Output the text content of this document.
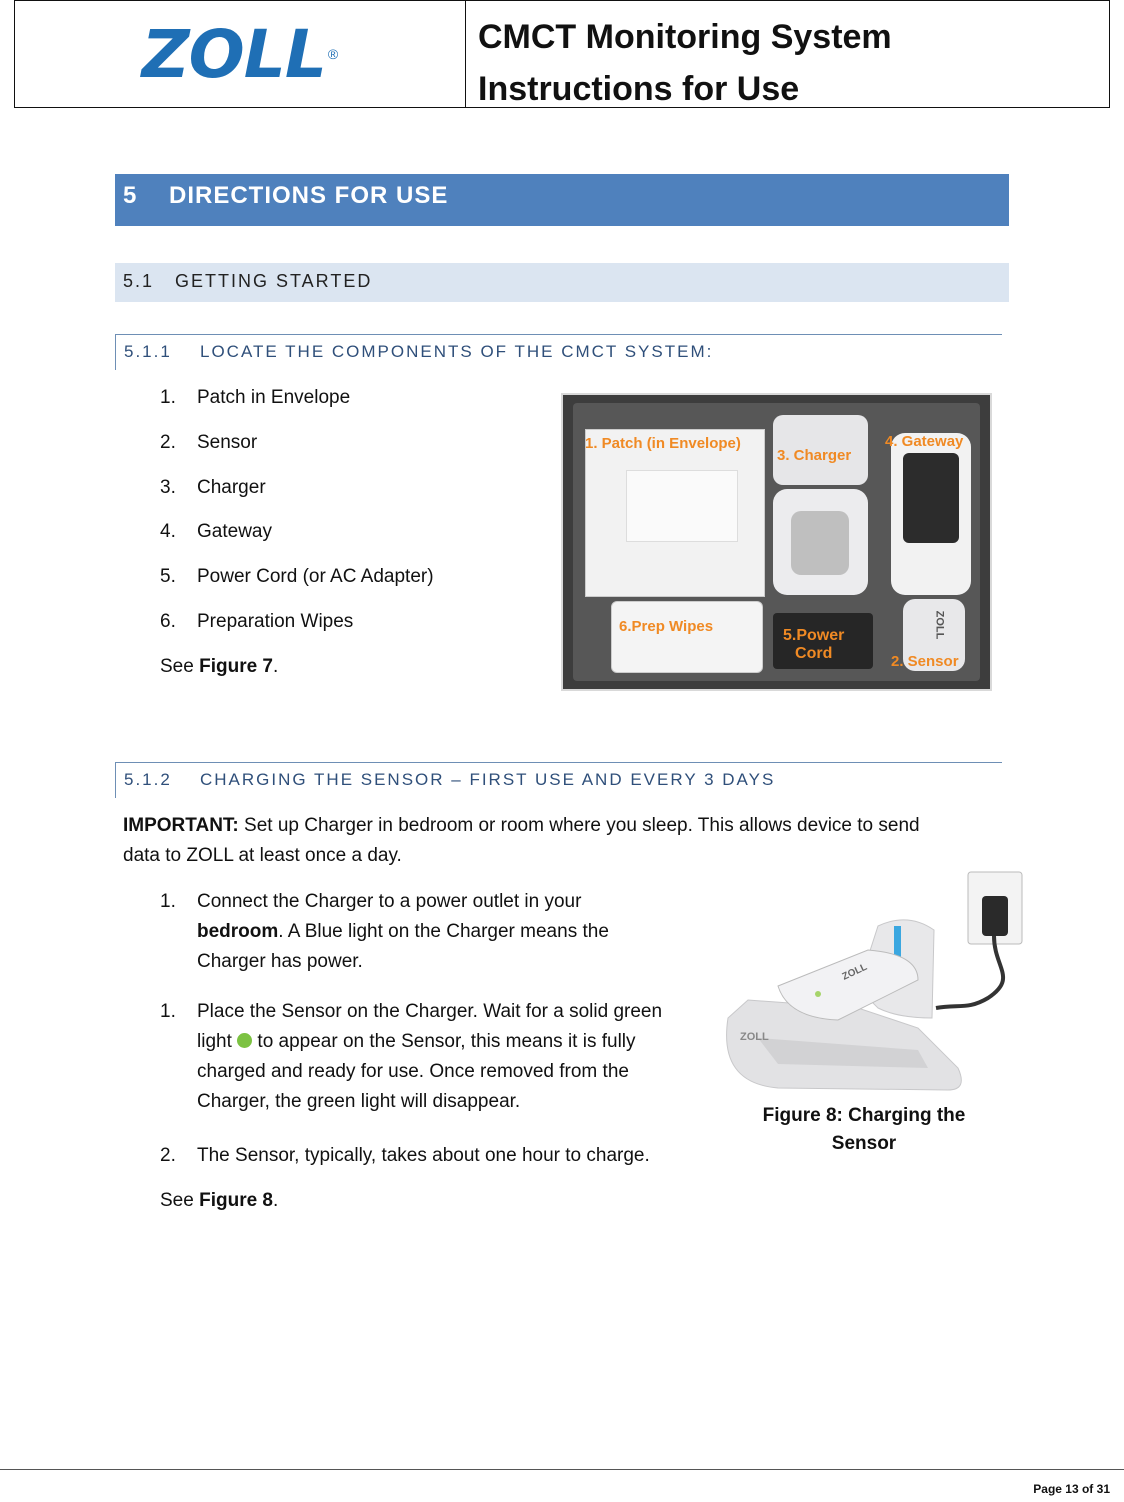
ZOLL ®	CMCT Monitoring System
Instructions for Use
5 DIRECTIONS FOR USE
5.1 GETTING STARTED
5.1.1 LOCATE THE COMPONENTS OF THE CMCT SYSTEM:
1. Patch in Envelope
2. Sensor
3. Charger
4. Gateway
5. Power Cord (or AC Adapter)
6. Preparation Wipes
See Figure 7.
ZOLL
1. Patch (in Envelope)
3. Charger
4. Gateway
6.Prep Wipes
5.Power
Cord	2. Sensor
5.1.2 CHARGING THE SENSOR – FIRST USE AND EVERY 3 DAYS
IMPORTANT: Set up Charger in bedroom or room where you sleep. This allows device to send
data to ZOLL at least once a day.
1. Connect the Charger to a power outlet in your
bedroom. A Blue light on the Charger means the
Charger has power.
1. Place the Sensor on the Charger. Wait for a solid green
light  to appear on the Sensor, this means it is fully
charged and ready for use. Once removed from the
Charger, the green light will disappear.
2. The Sensor, typically, takes about one hour to charge.
See Figure 8.
ZOLL
ZOLL
Figure 8: Charging the
Sensor
Page 13 of 31
